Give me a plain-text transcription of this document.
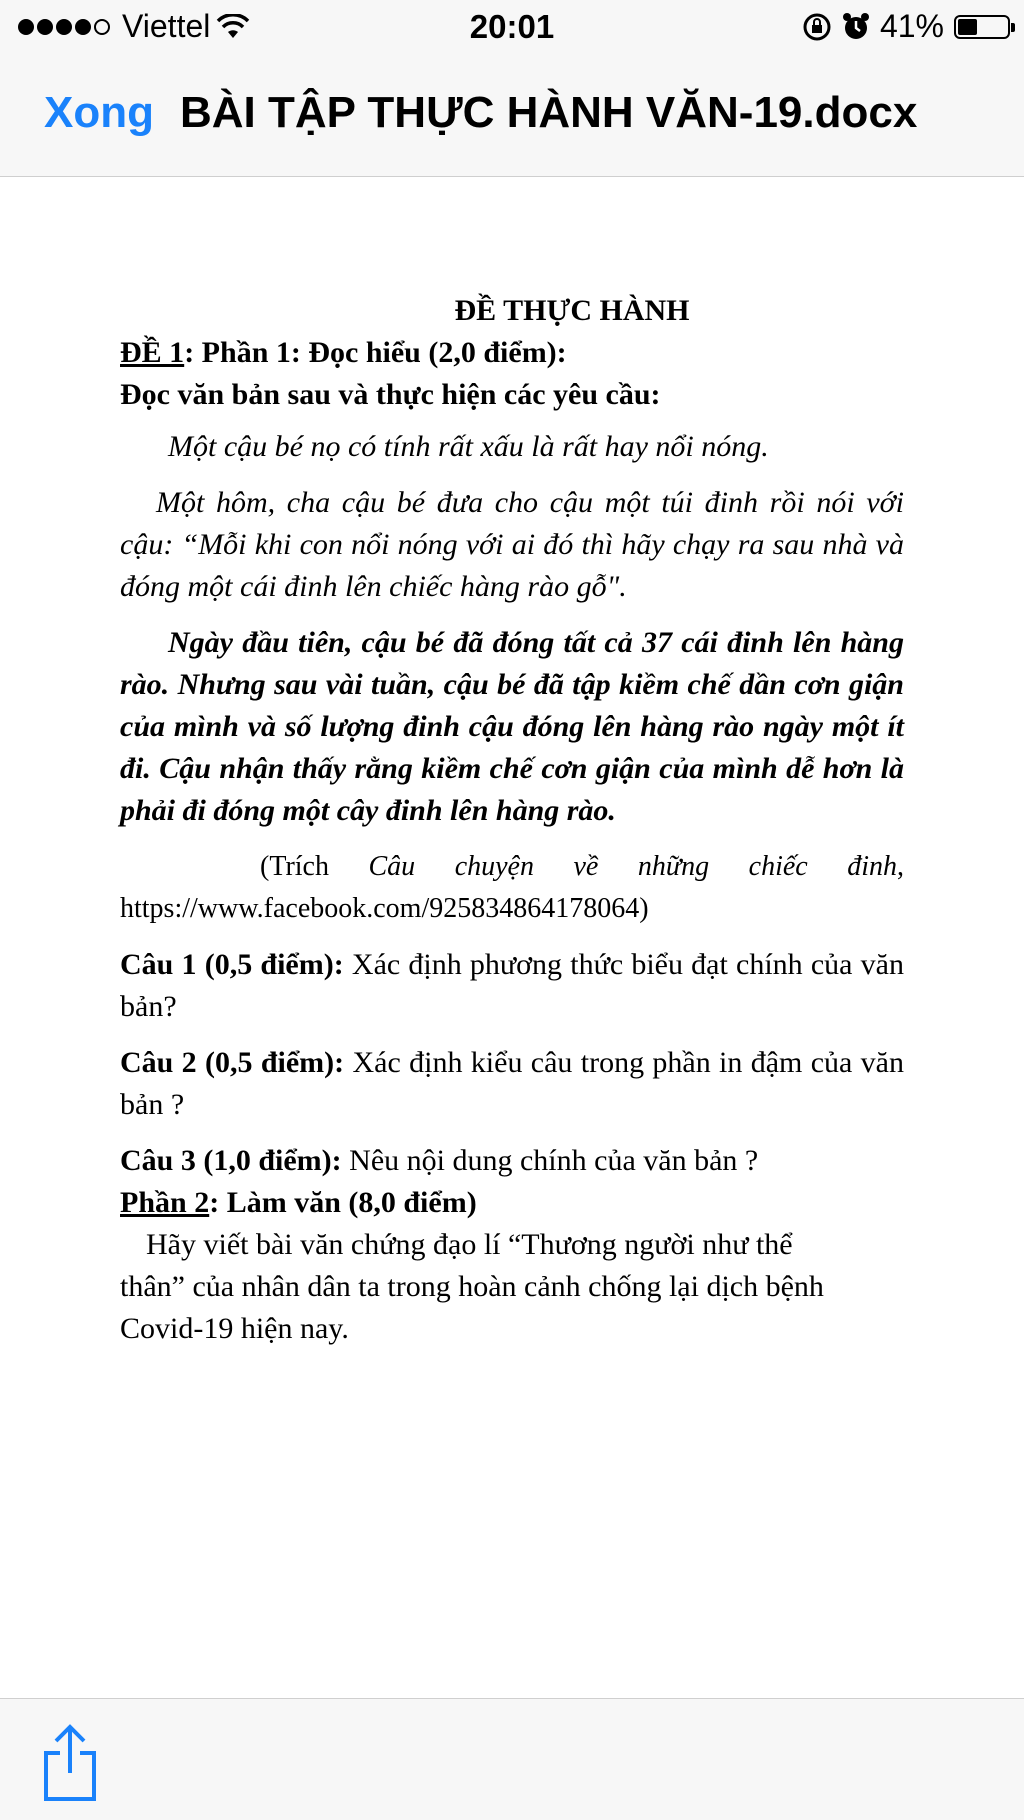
Viettel	20:01	41%
Xong BÀI TẬP THỰC HÀNH VĂN-19.docx

ĐỀ THỰC HÀNH

ĐỀ 1: Phần 1: Đọc hiểu (2,0 điểm):

Đọc văn bản sau và thực hiện các yêu cầu:

Một cậu bé nọ có tính rất xấu là rất hay nổi nóng.

Một hôm, cha cậu bé đưa cho cậu một túi đinh rồi nói với cậu: “Mỗi khi con nổi nóng với ai đó thì hãy chạy ra sau nhà và đóng một cái đinh lên chiếc hàng rào gỗ".

Ngày đầu tiên, cậu bé đã đóng tất cả 37 cái đinh lên hàng rào. Nhưng sau vài tuần, cậu bé đã tập kiềm chế dần cơn giận của mình và số lượng đinh cậu đóng lên hàng rào ngày một ít đi. Cậu nhận thấy rằng kiềm chế cơn giận của mình dễ hơn là phải đi đóng một cây đinh lên hàng rào.

(Trích Câu chuyện về những chiếc đinh, https://www.facebook.com/925834864178064)

Câu 1 (0,5 điểm): Xác định phương thức biểu đạt chính của văn bản?

Câu 2 (0,5 điểm): Xác định kiểu câu trong phần in đậm của văn bản ?

Câu 3 (1,0 điểm): Nêu nội dung chính của văn bản ?

Phần 2: Làm văn (8,0 điểm)

Hãy viết bài văn chứng đạo lí “Thương người như thể thân” của nhân dân ta trong hoàn cảnh chống lại dịch bệnh Covid-19 hiện nay.
